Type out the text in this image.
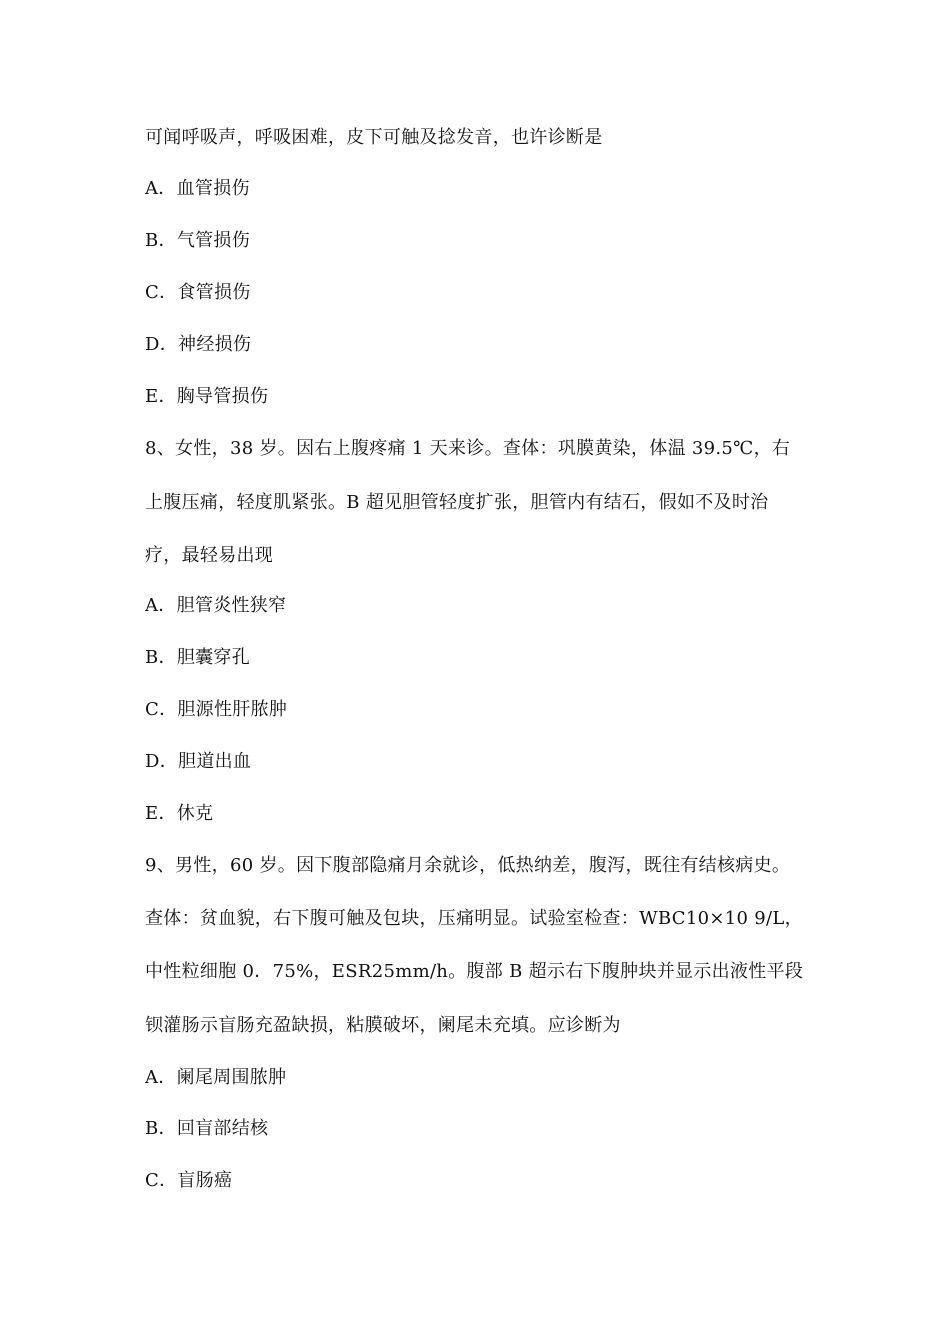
可闻呼吸声，呼吸困难，皮下可触及捻发音，也许诊断是
A．血管损伤
B．气管损伤
C．食管损伤
D．神经损伤
E．胸导管损伤
8、女性，38 岁。因右上腹疼痛 1 天来诊。查体：巩膜黄染，体温 39.5℃，右
上腹压痛，轻度肌紧张。B 超见胆管轻度扩张，胆管内有结石，假如不及时治
疗，最轻易出现
A．胆管炎性狭窄
B．胆囊穿孔
C．胆源性肝脓肿
D．胆道出血
E．休克
9、男性，60 岁。因下腹部隐痛月余就诊，低热纳差，腹泻，既往有结核病史。
查体：贫血貌，右下腹可触及包块，压痛明显。试验室检查：WBC10×10 9/L，
中性粒细胞 0．75%，ESR25mm/h。腹部 B 超示右下腹肿块并显示出液性平段
钡灌肠示盲肠充盈缺损，粘膜破坏，阑尾未充填。应诊断为
A．阑尾周围脓肿
B．回盲部结核
C．盲肠癌
